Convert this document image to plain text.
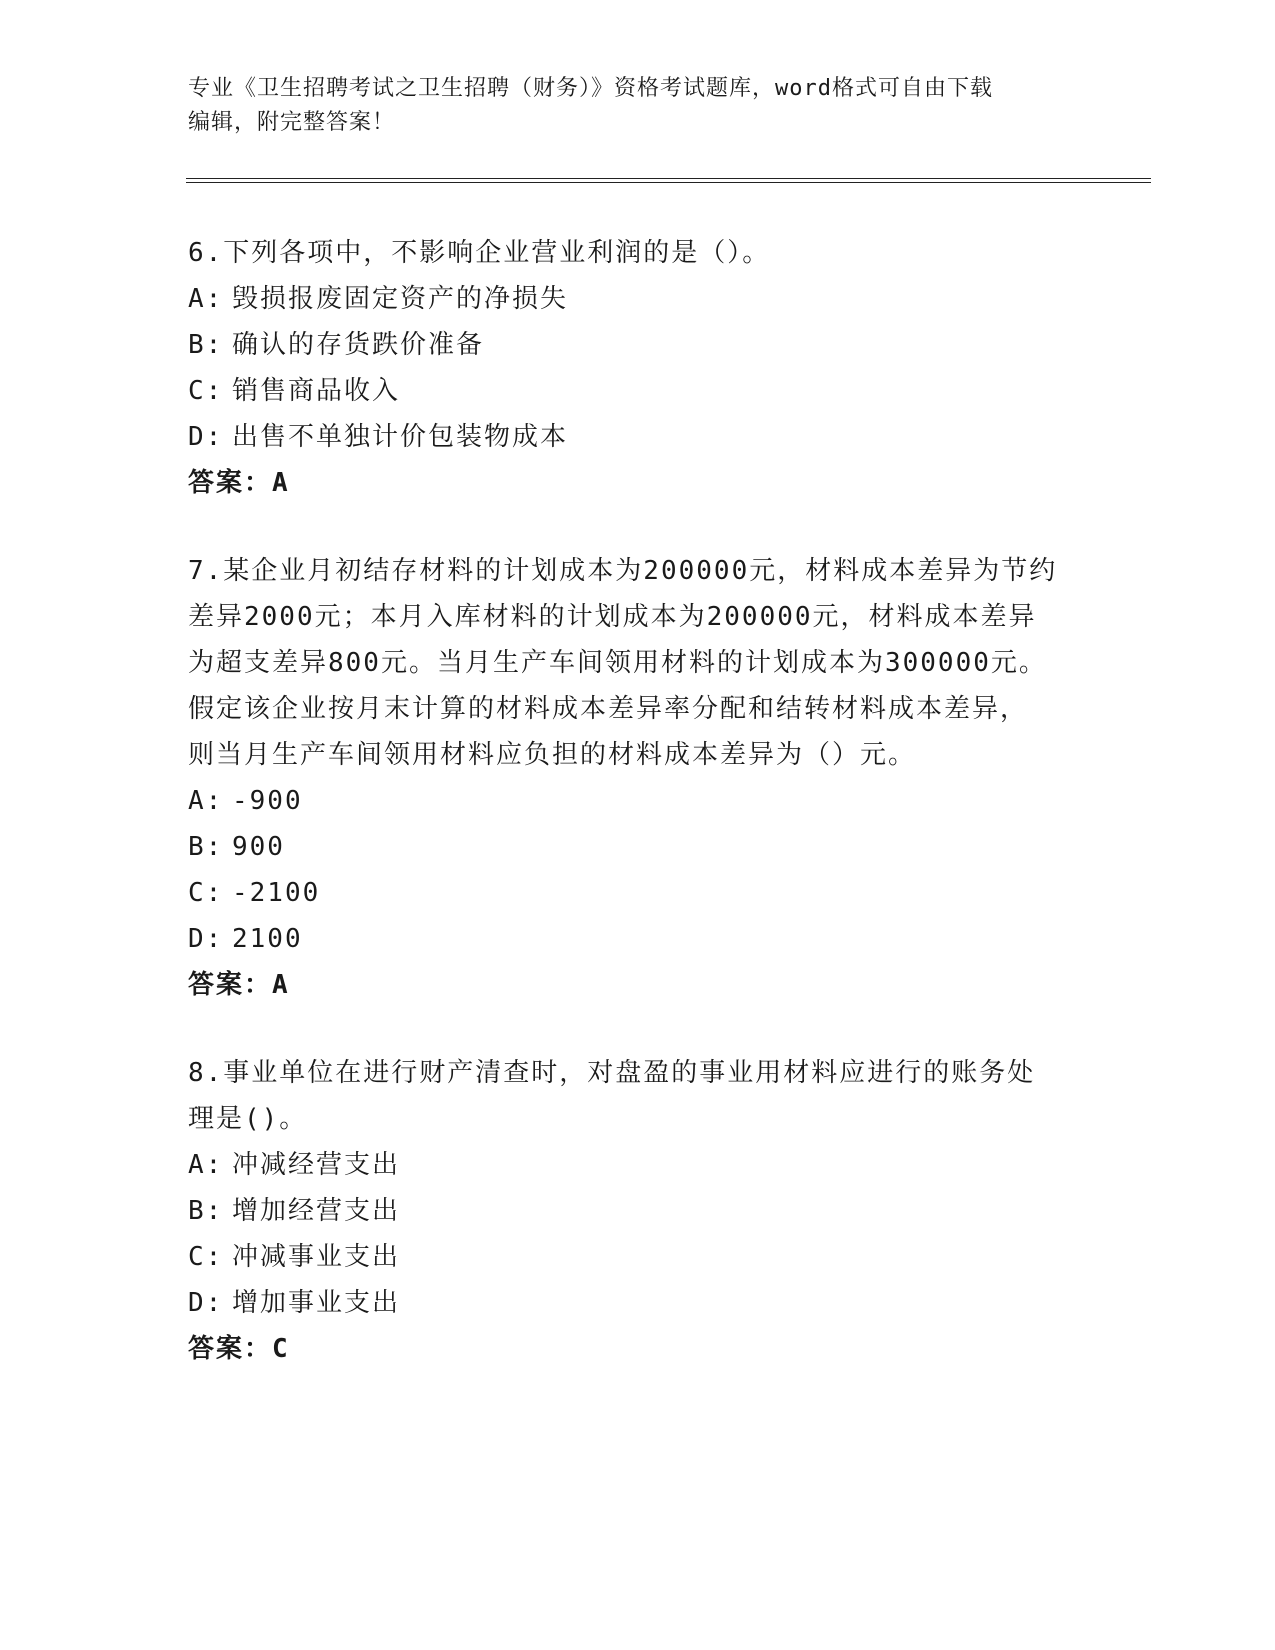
专业《卫生招聘考试之卫生招聘（财务）》资格考试题库，word格式可自由下载
编辑，附完整答案！

6.下列各项中，不影响企业营业利润的是（）。

A: 毁损报废固定资产的净损失

B: 确认的存货跌价准备

C: 销售商品收入

D: 出售不单独计价包装物成本

答案：A

7.某企业月初结存材料的计划成本为200000元，材料成本差异为节约

差异2000元；本月入库材料的计划成本为200000元，材料成本差异

为超支差异800元。当月生产车间领用材料的计划成本为300000元。

假定该企业按月末计算的材料成本差异率分配和结转材料成本差异，

则当月生产车间领用材料应负担的材料成本差异为（）元。

A: -900

B: 900

C: -2100

D: 2100

答案：A

8.事业单位在进行财产清查时，对盘盈的事业用材料应进行的账务处

理是()。

A: 冲减经营支出

B: 增加经营支出

C: 冲减事业支出

D: 增加事业支出

答案：C
